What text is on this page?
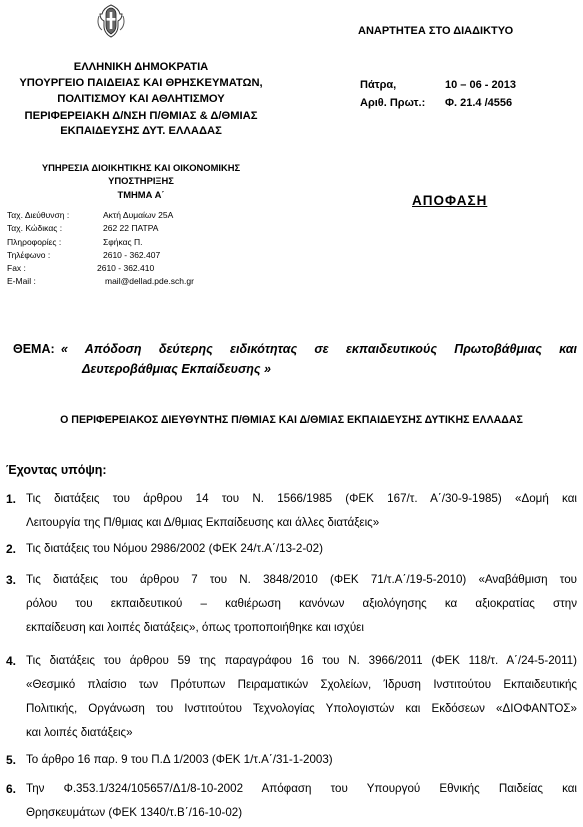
ΕΛΛΗΝΙΚΗ ΔΗΜΟΚΡΑΤΙΑ
ΥΠΟΥΡΓΕΙΟ ΠΑΙΔΕΙΑΣ ΚΑΙ ΘΡΗΣΚΕΥΜΑΤΩΝ,
ΠΟΛΙΤΙΣΜΟΥ ΚΑΙ ΑΘΛΗΤΙΣΜΟΥ
ΠΕΡΙΦΕΡΕΙΑΚΗ Δ/ΝΣΗ Π/ΘΜΙΑΣ & Δ/ΘΜΙΑΣ
ΕΚΠΑΙΔΕΥΣΗΣ ΔΥΤ. ΕΛΛΑΔΑΣ
ΥΠΗΡΕΣΙΑ ΔΙΟΙΚΗΤΙΚΗΣ ΚΑΙ ΟΙΚΟΝΟΜΙΚΗΣ
ΥΠΟΣΤΗΡΙΞΗΣ
ΤΜΗΜΑ Α΄
ΑΝΑΡΤΗΤΕΑ ΣΤΟ ΔΙΑΔΙΚΤΥΟ
Πάτρα,	10 – 06 - 2013
Αριθ. Πρωτ.: Φ. 21.4 /4556
ΑΠΟΦΑΣΗ
Ταχ. Διεύθυνση :	Ακτή Δυμαίων 25Α
Ταχ. Κώδικας :	262 22 ΠΑΤΡΑ
Πληροφορίες :	Σφήκας Π.
Τηλέφωνο :	2610 - 362.407
Fax :	2610 - 362.410
E-Mail :	mail@dellad.pde.sch.gr
ΘΕΜΑ: « Απόδοση δεύτερης ειδικότητας σε εκπαιδευτικούς Πρωτοβάθμιας και
Δευτεροβάθμιας Εκπαίδευσης »
Ο ΠΕΡΙΦΕΡΕΙΑΚΟΣ ΔΙΕΥΘΥΝΤΗΣ Π/ΘΜΙΑΣ ΚΑΙ Δ/ΘΜΙΑΣ ΕΚΠΑΙΔΕΥΣΗΣ ΔΥΤΙΚΗΣ ΕΛΛΑΔΑΣ
Έχοντας υπόψη:
1. Τις διατάξεις του άρθρου 14 του Ν. 1566/1985 (ΦΕΚ 167/τ. Α΄/30-9-1985) «Δομή και
Λειτουργία της Π/θμιας και Δ/θμιας Εκπαίδευσης και άλλες διατάξεις»
2. Τις διατάξεις του Νόμου 2986/2002 (ΦΕΚ 24/τ.Α΄/13-2-02)
3. Τις διατάξεις του άρθρου 7 του Ν. 3848/2010 (ΦΕΚ 71/τ.Α΄/19-5-2010) «Αναβάθμιση του
ρόλου του εκπαιδευτικού – καθιέρωση κανόνων αξιολόγησης κα αξιοκρατίας στην
εκπαίδευση και λοιπές διατάξεις», όπως τροποποιήθηκε και ισχύει
4. Τις διατάξεις του άρθρου 59 της παραγράφου 16 του Ν. 3966/2011 (ΦΕΚ 118/τ. Α΄/24-5-2011)
«Θεσμικό πλαίσιο των Πρότυπων Πειραματικών Σχολείων, Ίδρυση Ινστιτούτου Εκπαιδευτικής
Πολιτικής, Οργάνωση του Ινστιτούτου Τεχνολογίας Υπολογιστών και Εκδόσεων «ΔΙΟΦΑΝΤΟΣ»
και λοιπές διατάξεις»
5. Το άρθρο 16 παρ. 9 του Π.Δ 1/2003 (ΦΕΚ 1/τ.Α΄/31-1-2003)
6. Την Φ.353.1/324/105657/Δ1/8-10-2002 Απόφαση του Υπουργού Εθνικής Παιδείας και
Θρησκευμάτων (ΦΕΚ 1340/τ.Β΄/16-10-02)
